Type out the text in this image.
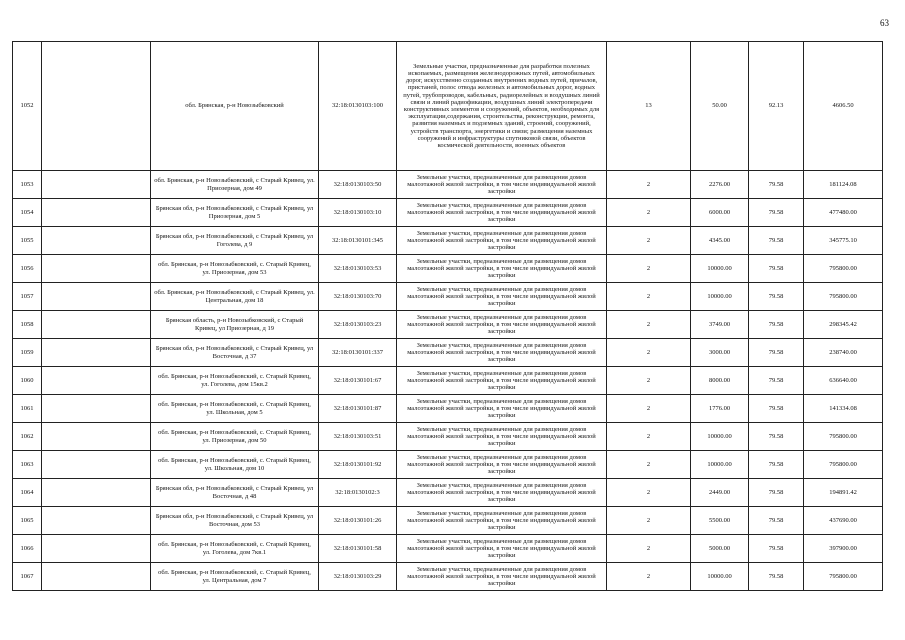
63
1052		обл. Брянская, р-н Новозыбковский	32:18:0130103:100	Земельные участки, предназначенные для разработки полезных ископаемых, размещения железнодорожных путей, автомобильных дорог, искусственно созданных внутренних водных путей, причалов, пристаней, полос отвода железных и автомобильных дорог, водных путей, трубопроводов, кабельных, радиорелейных и воздушных линий связи и линий радиофикации, воздушных линий электропередачи конструктивных элементов и сооружений, объектов, необходимых для эксплуатации,содержания, строительства, реконструкции, ремонта, развития наземных и подземных зданий, строений, сооружений, устройств транспорта, энергетики и связи; размещения наземных сооружений и инфраструктуры спутниковой связи, объектов космической деятельности, военных объектов	13	50.00	92.13	4606.50
1053		обл. Брянская, р-н Новозыбковский, с Старый Кривец, ул. Приозерная, дом 49	32:18:0130103:50	Земельные участки, предназначенные для размещения домов малоэтажной жилой застройки, в том числе индивидуальной жилой застройки	2	2276.00	79.58	181124.08
1054		Брянская обл, р-н Новозыбковский, с Старый Кривец, ул Приозерная, дом 5	32:18:0130103:10	Земельные участки, предназначенные для размещения домов малоэтажной жилой застройки, в том числе индивидуальной жилой застройки	2	6000.00	79.58	477480.00
1055		Брянская обл, р-н Новозыбковский, с Старый Кривец, ул Гоголева, д 9	32:18:0130101:345	Земельные участки, предназначенные для размещения домов малоэтажной жилой застройки, в том числе индивидуальной жилой застройки	2	4345.00	79.58	345775.10
1056		обл. Брянская, р-н Новозыбковский, с. Старый Кривец, ул. Приозерная, дом 53	32:18:0130103:53	Земельные участки, предназначенные для размещения домов малоэтажной жилой застройки, в том числе индивидуальной жилой застройки	2	10000.00	79.58	795800.00
1057		обл. Брянская, р-н Новозыбковский, с Старый Кривец, ул. Центральная, дом 18	32:18:0130103:70	Земельные участки, предназначенные для размещения домов малоэтажной жилой застройки, в том числе индивидуальной жилой застройки	2	10000.00	79.58	795800.00
1058		Брянская область, р-н Новозыбковский, с Старый Кривец, ул Приозерная, д 19	32:18:0130103:23	Земельные участки, предназначенные для размещения домов малоэтажной жилой застройки, в том числе индивидуальной жилой застройки	2	3749.00	79.58	298345.42
1059		Брянская обл, р-н Новозыбковский, с Старый Кривец, ул Восточная, д 37	32:18:0130101:337	Земельные участки, предназначенные для размещения домов малоэтажной жилой застройки, в том числе индивидуальной жилой застройки	2	3000.00	79.58	238740.00
1060		обл. Брянская, р-н Новозыбковский, с. Старый Кривец, ул. Гоголева, дом 15кв.2	32:18:0130101:67	Земельные участки, предназначенные для размещения домов малоэтажной жилой застройки, в том числе индивидуальной жилой застройки	2	8000.00	79.58	636640.00
1061		обл. Брянская, р-н Новозыбковский, с. Старый Кривец, ул. Школьная, дом 5	32:18:0130101:87	Земельные участки, предназначенные для размещения домов малоэтажной жилой застройки, в том числе индивидуальной жилой застройки	2	1776.00	79.58	141334.08
1062		обл. Брянская, р-н Новозыбковский, с. Старый Кривец, ул. Приозерная, дом 50	32:18:0130103:51	Земельные участки, предназначенные для размещения домов малоэтажной жилой застройки, в том числе индивидуальной жилой застройки	2	10000.00	79.58	795800.00
1063		обл. Брянская, р-н Новозыбковский, с. Старый Кривец, ул. Школьная, дом 10	32:18:0130101:92	Земельные участки, предназначенные для размещения домов малоэтажной жилой застройки, в том числе индивидуальной жилой застройки	2	10000.00	79.58	795800.00
1064		Брянская обл, р-н Новозыбковский, с Старый Кривец, ул Восточная, д 48	32:18:0130102:3	Земельные участки, предназначенные для размещения домов малоэтажной жилой застройки, в том числе индивидуальной жилой застройки	2	2449.00	79.58	194891.42
1065		Брянская обл, р-н Новозыбковский, с Старый Кривец, ул Восточная, дом 53	32:18:0130101:26	Земельные участки, предназначенные для размещения домов малоэтажной жилой застройки, в том числе индивидуальной жилой застройки	2	5500.00	79.58	437690.00
1066		обл. Брянская, р-н Новозыбковский, с. Старый Кривец, ул. Гоголева, дом 7кв.1	32:18:0130101:58	Земельные участки, предназначенные для размещения домов малоэтажной жилой застройки, в том числе индивидуальной жилой застройки	2	5000.00	79.58	397900.00
1067		обл. Брянская, р-н Новозыбковский, с. Старый Кривец, ул. Центральная, дом 7	32:18:0130103:29	Земельные участки, предназначенные для размещения домов малоэтажной жилой застройки, в том числе индивидуальной жилой застройки	2	10000.00	79.58	795800.00
